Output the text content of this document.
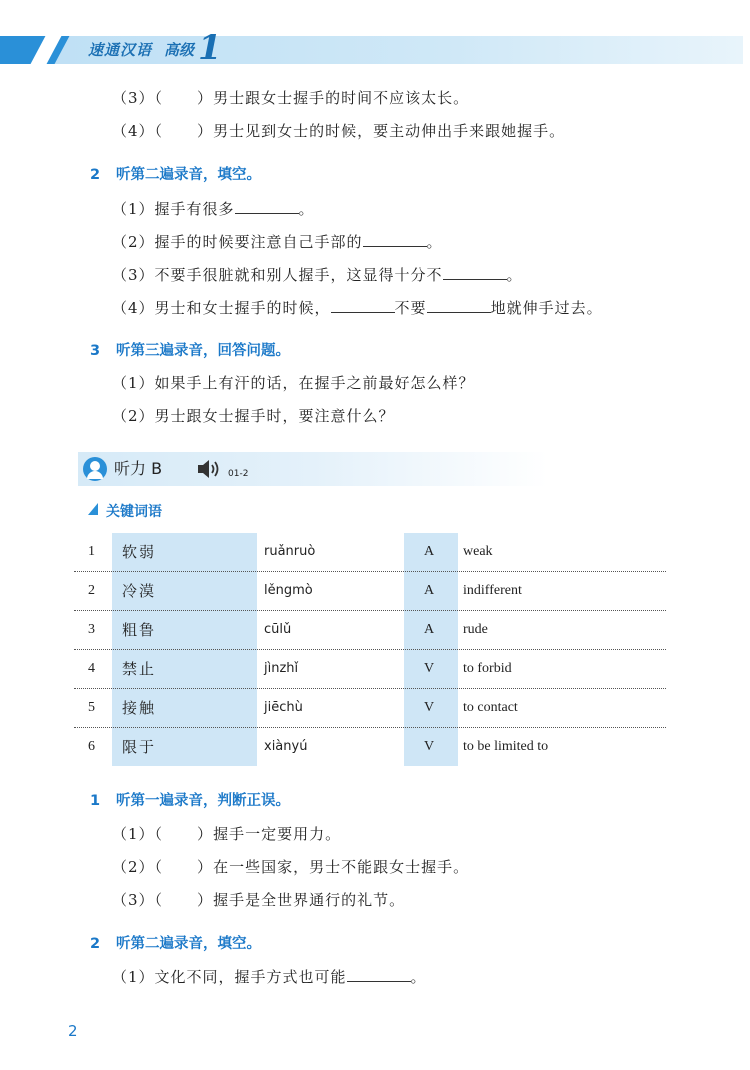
速通汉语 高级 1
（3）（ ）男士跟女士握手的时间不应该太长。
（4）（ ）男士见到女士的时候，要主动伸出手来跟她握手。
2 听第二遍录音，填空。
（1）握手有很多	。
（2）握手的时候要注意自己手部的	。
（3）不要手很脏就和别人握手，这显得十分不	。
（4）男士和女士握手的时候，	不要	地就伸手过去。
3 听第三遍录音，回答问题。
（1）如果手上有汗的话，在握手之前最好怎么样？
（2）男士跟女士握手时，要注意什么？
听力 B	01-2
关键词语
1 软弱	ruǎnruò	A weak
2 冷漠	lěngmò	A indifferent
3 粗鲁	cūlǔ	A rude
4 禁止	jìnzhǐ	V to forbid
5 接触	jiēchù	V to contact
6 限于	xiànyú	V to be limited to
1 听第一遍录音，判断正误。
（1）（ ）握手一定要用力。
（2）（ ）在一些国家，男士不能跟女士握手。
（3）（ ）握手是全世界通行的礼节。
2 听第二遍录音，填空。
（1）文化不同，握手方式也可能	。
2
